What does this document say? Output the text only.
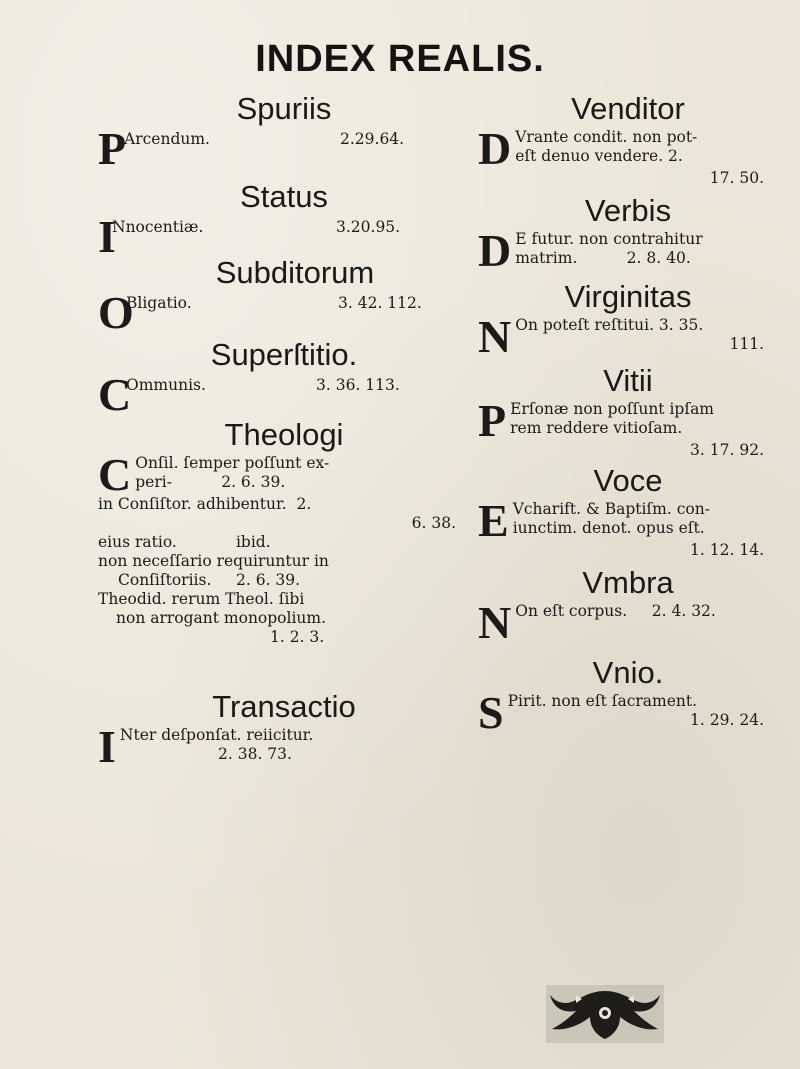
INDEX REALIS.
Spuriis
P
Arcendum.	2.29.64.
Status
I
Nnocentiæ.	3.20.95.
Subditorum
O
Bligatio.	3. 42. 112.
Superſtitio.
C
Ommunis.	3. 36. 113.
Theologi
C Onſil. ſemper poſſunt ex-
peri-          2. 6. 39.
in Conſiſtor. adhibentur.  2.
6. 38.
eius ratio.            ibid.
non neceſſario requiruntur in
Conſiſtoriis.     2. 6. 39.
Theodid. rerum Theol. ſibi
non arrogant monopolium.
1. 2. 3.
Transactio
I Nter deſponſat. reiicitur.
2. 38. 73.
Venditor
D Vrante condit. non pot-
eſt denuo vendere. 2.
17. 50.
Verbis
D E futur. non contrahitur
matrim.          2. 8. 40.
Virginitas
N On poteſt reſtitui. 3. 35.
111.
Vitii
P Erſonæ non poſſunt ipſam
rem reddere vitioſam.
3. 17. 92.
Voce
E Vcharift. & Baptiſm. con-
iunctim. denot. opus eſt.
1. 12. 14.
Vmbra
N On eſt corpus.     2. 4. 32.
Vnio.
S Pirit. non eſt ſacrament.
1. 29. 24.
